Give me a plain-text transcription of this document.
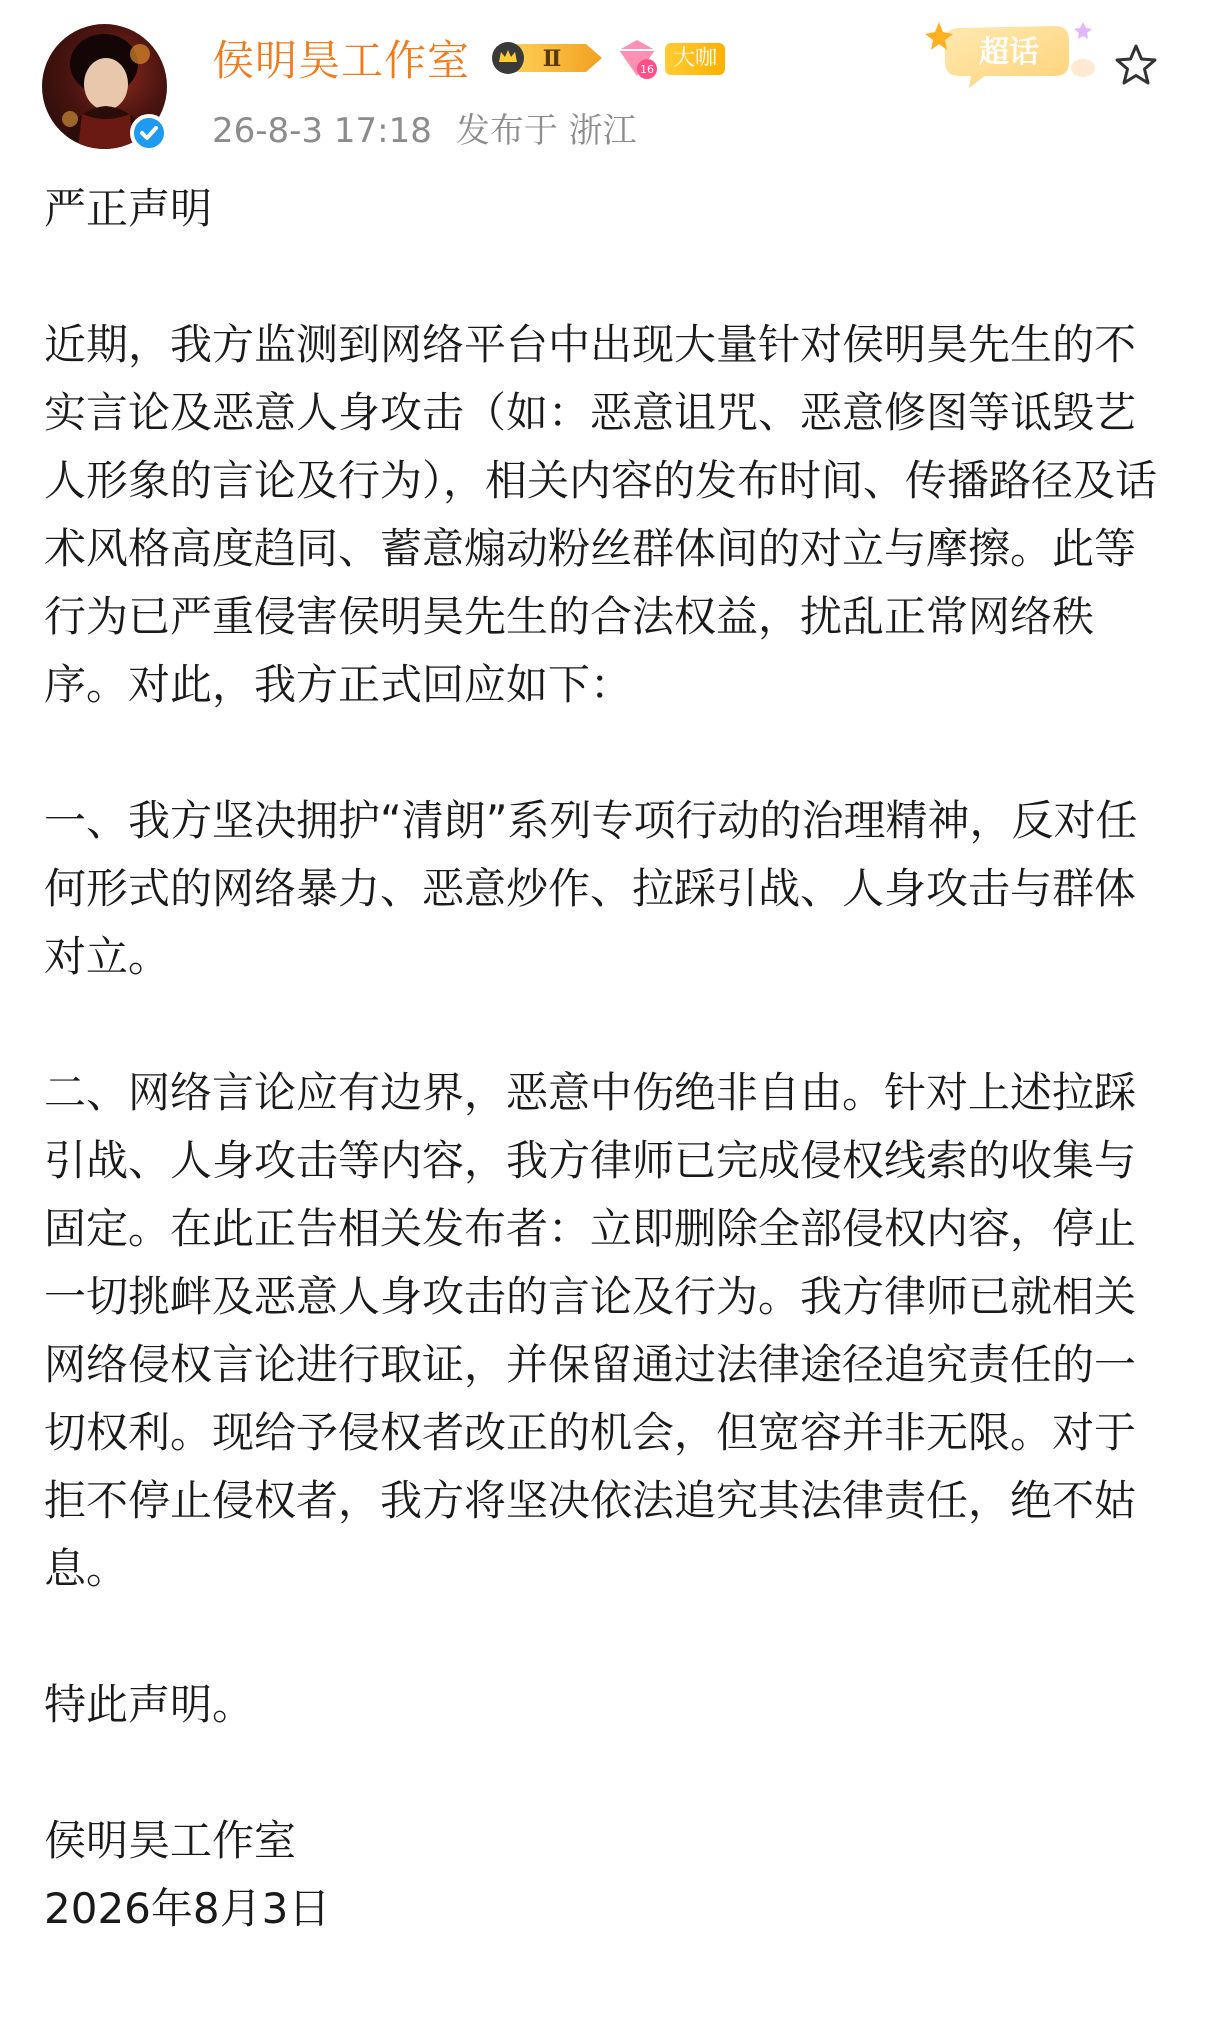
侯明昊工作室	Ⅱ	16 大咖
26-8-3 17:18 发布于 浙江
超话

严正声明

近期，我方监测到网络平台中出现大量针对侯明昊先生的不实言论及恶意人身攻击（如：恶意诅咒、恶意修图等诋毁艺人形象的言论及行为），相关内容的发布时间、传播路径及话术风格高度趋同、蓄意煽动粉丝群体间的对立与摩擦。此等行为已严重侵害侯明昊先生的合法权益，扰乱正常网络秩序。对此，我方正式回应如下：

一、我方坚决拥护“清朗”系列专项行动的治理精神，反对任何形式的网络暴力、恶意炒作、拉踩引战、人身攻击与群体对立。

二、网络言论应有边界，恶意中伤绝非自由。针对上述拉踩引战、人身攻击等内容，我方律师已完成侵权线索的收集与固定。在此正告相关发布者：立即删除全部侵权内容，停止一切挑衅及恶意人身攻击的言论及行为。我方律师已就相关网络侵权言论进行取证，并保留通过法律途径追究责任的一切权利。现给予侵权者改正的机会，但宽容并非无限。对于拒不停止侵权者，我方将坚决依法追究其法律责任，绝不姑息。

特此声明。

侯明昊工作室

2026年8月3日
